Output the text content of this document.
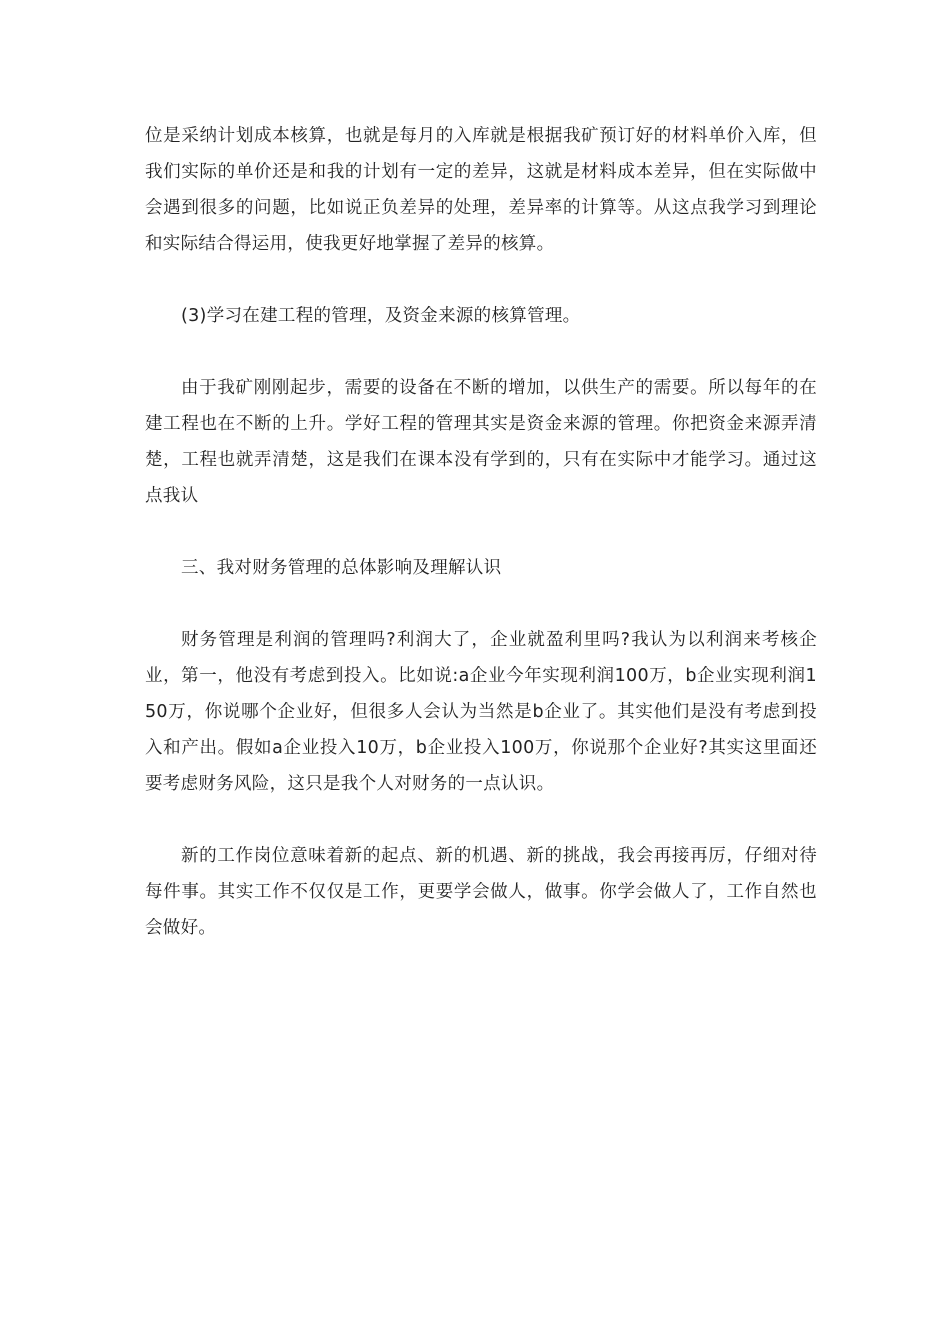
位是采纳计划成本核算，也就是每月的入库就是根据我矿预订好的材料单价入库，但我们实际的单价还是和我的计划有一定的差异，这就是材料成本差异，但在实际做中会遇到很多的问题，比如说正负差异的处理，差异率的计算等。从这点我学习到理论和实际结合得运用，使我更好地掌握了差异的核算。

(3)学习在建工程的管理，及资金来源的核算管理。

由于我矿刚刚起步，需要的设备在不断的增加，以供生产的需要。所以每年的在建工程也在不断的上升。学好工程的管理其实是资金来源的管理。你把资金来源弄清楚，工程也就弄清楚，这是我们在课本没有学到的，只有在实际中才能学习。通过这点我认

三、我对财务管理的总体影响及理解认识

财务管理是利润的管理吗?利润大了，企业就盈利里吗?我认为以利润来考核企业，第一，他没有考虑到投入。比如说:a企业今年实现利润100万，b企业实现利润150万，你说哪个企业好，但很多人会认为当然是b企业了。其实他们是没有考虑到投入和产出。假如a企业投入10万，b企业投入100万，你说那个企业好?其实这里面还要考虑财务风险，这只是我个人对财务的一点认识。

新的工作岗位意味着新的起点、新的机遇、新的挑战，我会再接再厉，仔细对待每件事。其实工作不仅仅是工作，更要学会做人，做事。你学会做人了，工作自然也会做好。
